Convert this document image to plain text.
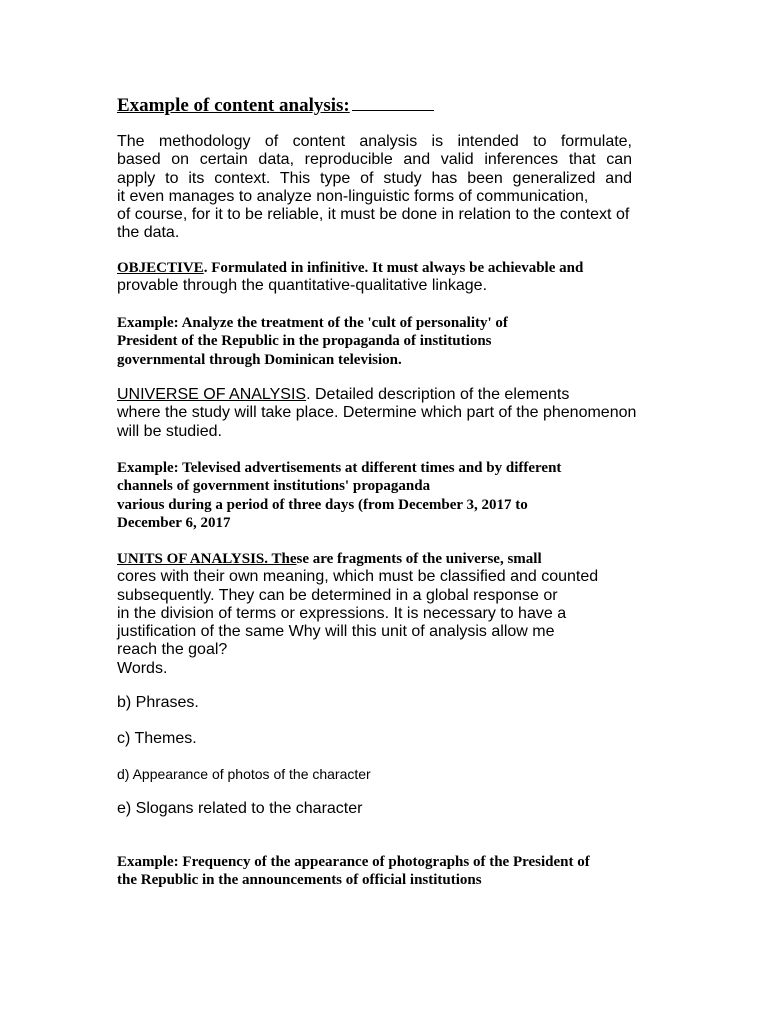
Example of content analysis:
The methodology of content analysis is intended to formulate,
based on certain data, reproducible and valid inferences that can
apply to its context. This type of study has been generalized and
it even manages to analyze non-linguistic forms of communication,
of course, for it to be reliable, it must be done in relation to the context of
the data.
OBJECTIVE. Formulated in infinitive. It must always be achievable and
provable through the quantitative-qualitative linkage.
Example: Analyze the treatment of the 'cult of personality' of
President of the Republic in the propaganda of institutions
governmental through Dominican television.
UNIVERSE OF ANALYSIS. Detailed description of the elements
where the study will take place. Determine which part of the phenomenon
will be studied.
Example: Televised advertisements at different times and by different
channels of government institutions' propaganda
various during a period of three days (from December 3, 2017 to
December 6, 2017
UNITS OF ANALYSIS. These are fragments of the universe, small
cores with their own meaning, which must be classified and counted
subsequently. They can be determined in a global response or
in the division of terms or expressions. It is necessary to have a
justification of the same Why will this unit of analysis allow me
reach the goal?
Words.
b) Phrases.
c) Themes.
d) Appearance of photos of the character
e) Slogans related to the character
Example: Frequency of the appearance of photographs of the President of
the Republic in the announcements of official institutions
